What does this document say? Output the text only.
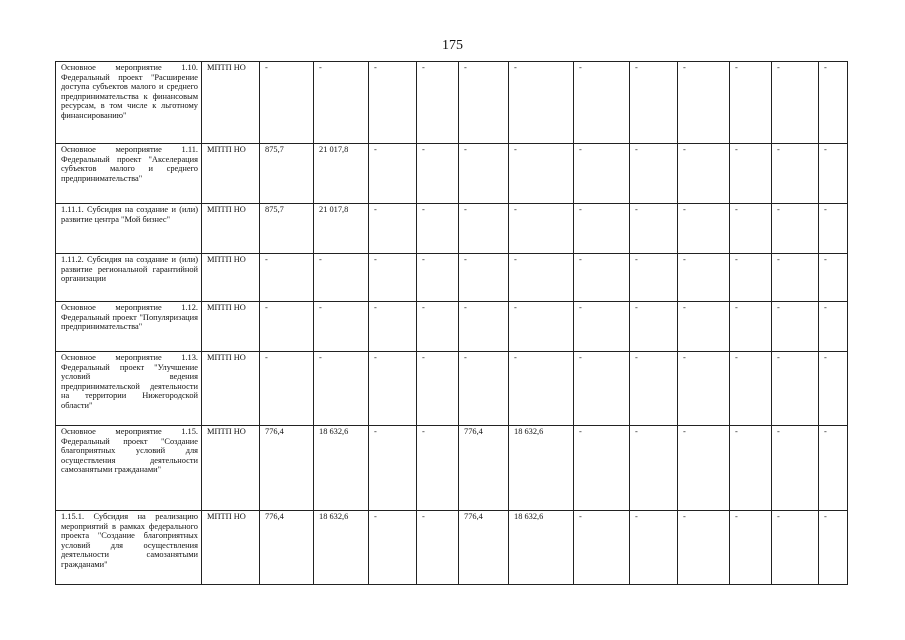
175
Основное мероприятие 1.10. Федеральный проект "Расширение доступа субъектов малого и среднего предпринимательства к финансовым ресурсам, в том числе к льготному финансированию"	МПТП НО	-	-	-	-	-	-	-	-	-	-	-	-
Основное мероприятие 1.11. Федеральный проект "Акселерация субъектов малого и среднего предпринимательства"	МПТП НО	875,7	21 017,8	-	-	-	-	-	-	-	-	-	-
1.11.1. Субсидия на создание и (или) развитие центра "Мой бизнес"	МПТП НО	875,7	21 017,8	-	-	-	-	-	-	-	-	-	-
1.11.2. Субсидия на создание и (или) развитие региональной гарантийной организации	МПТП НО	-	-	-	-	-	-	-	-	-	-	-	-
Основное мероприятие 1.12. Федеральный проект "Популяризация предпринимательства"	МПТП НО	-	-	-	-	-	-	-	-	-	-	-	-
Основное мероприятие 1.13. Федеральный проект "Улучшение условий ведения предпринимательской деятельности на территории Нижегородской области"	МПТП НО	-	-	-	-	-	-	-	-	-	-	-	-
Основное мероприятие 1.15. Федеральный проект "Создание благоприятных условий для осуществления деятельности самозанятыми гражданами"	МПТП НО	776,4	18 632,6	-	-	776,4	18 632,6	-	-	-	-	-	-
1.15.1. Субсидия на реализацию мероприятий в рамках федерального проекта "Создание благоприятных условий для осуществления деятельности самозанятыми гражданами"	МПТП НО	776,4	18 632,6	-	-	776,4	18 632,6	-	-	-	-	-	-
